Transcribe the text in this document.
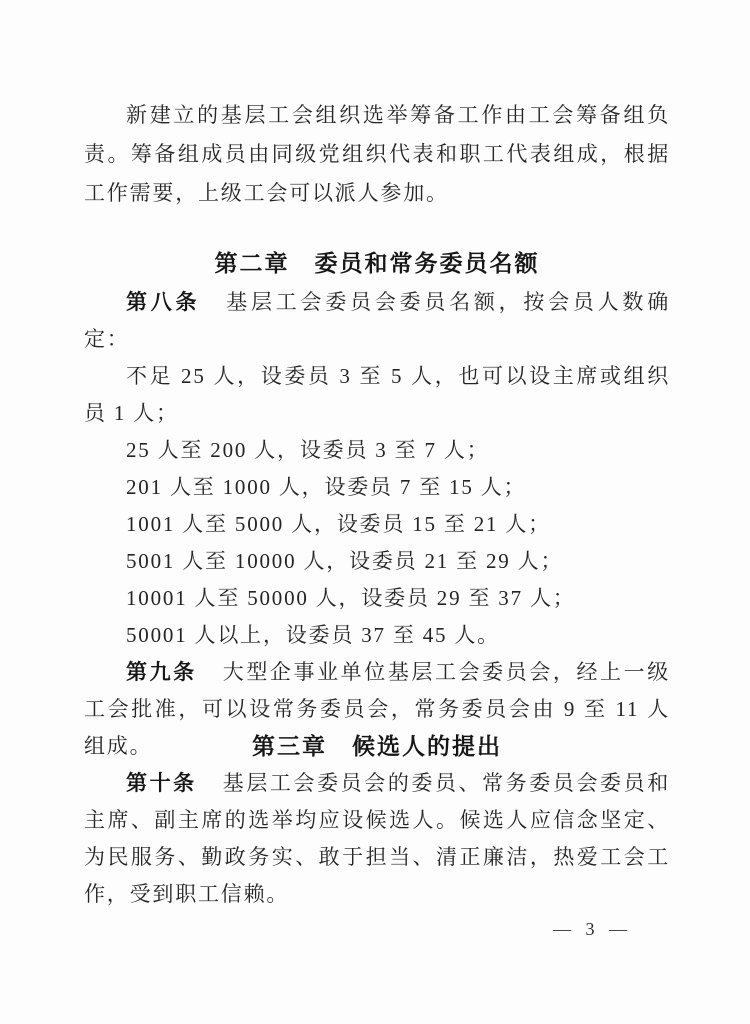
新建立的基层工会组织选举筹备工作由工会筹备组负责。筹备组成员由同级党组织代表和职工代表组成，根据工作需要，上级工会可以派人参加。

第二章　委员和常务委员名额

第八条 基层工会委员会委员名额，按会员人数确定：

不足 25 人，设委员 3 至 5 人，也可以设主席或组织员 1 人；

25 人至 200 人，设委员 3 至 7 人；

201 人至 1000 人，设委员 7 至 15 人；

1001 人至 5000 人，设委员 15 至 21 人；

5001 人至 10000 人，设委员 21 至 29 人；

10001 人至 50000 人，设委员 29 至 37 人；

50001 人以上，设委员 37 至 45 人。

第九条 大型企事业单位基层工会委员会，经上一级工会批准，可以设常务委员会，常务委员会由 9 至 11 人组成。	第三章　候选人的提出

第十条 基层工会委员会的委员、常务委员会委员和主席、副主席的选举均应设候选人。候选人应信念坚定、为民服务、勤政务实、敢于担当、清正廉洁，热爱工会工作，受到职工信赖。

— 3 —
